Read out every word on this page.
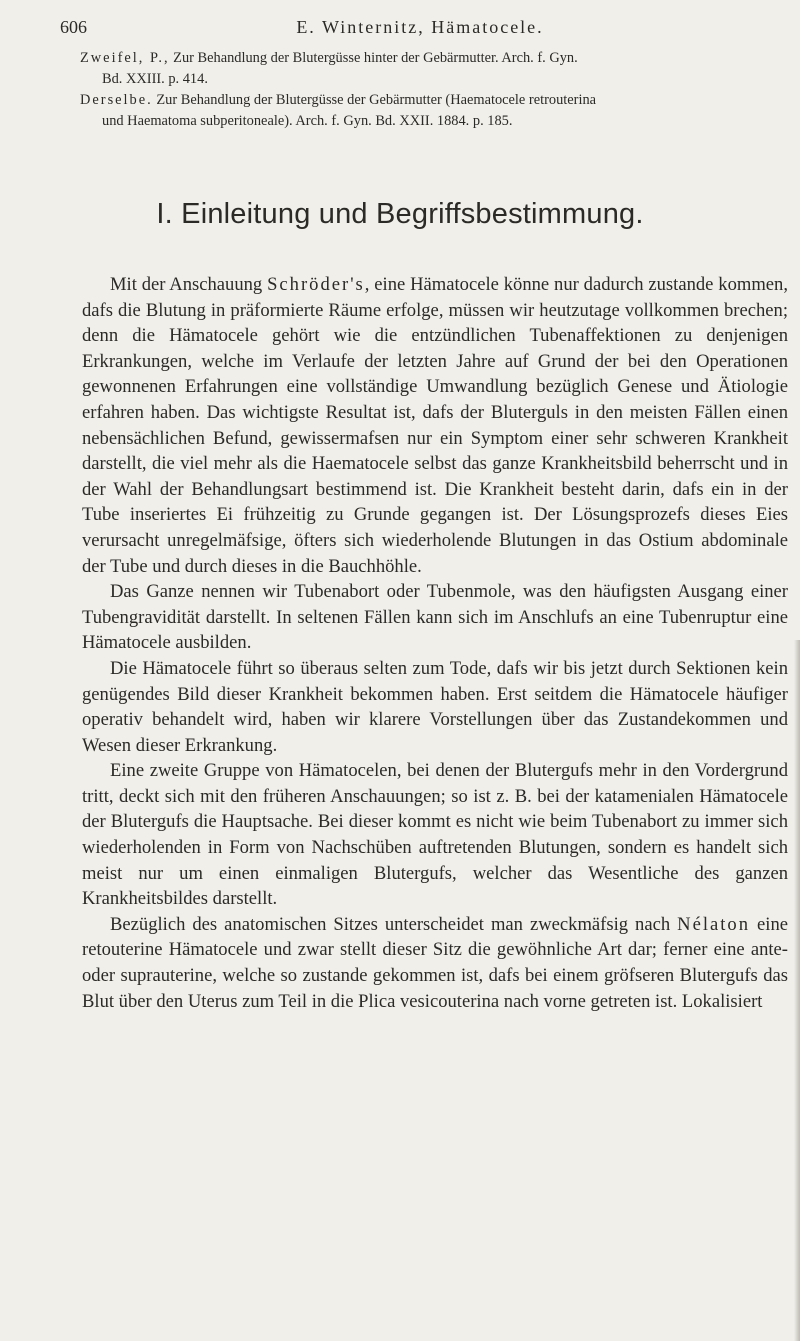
606	E. Winternitz, Hämatocele.

Zweifel, P., Zur Behandlung der Blutergüsse hinter der Gebärmutter. Arch. f. Gyn.

Bd. XXIII. p. 414.

Derselbe. Zur Behandlung der Blutergüsse der Gebärmutter (Haematocele retrouterina

und Haematoma subperitoneale). Arch. f. Gyn. Bd. XXII. 1884. p. 185.

I. Einleitung und Begriffsbestimmung.

Mit der Anschauung Schröder's, eine Hämatocele könne nur dadurch zustande kommen, dafs die Blutung in präformierte Räume erfolge, müssen wir heutzutage vollkommen brechen; denn die Hämatocele gehört wie die entzündlichen Tubenaffektionen zu denjenigen Erkrankungen, welche im Verlaufe der letzten Jahre auf Grund der bei den Operationen gewonnenen Erfahrungen eine vollständige Umwandlung bezüglich Genese und Ätiologie erfahren haben. Das wichtigste Resultat ist, dafs der Bluterguls in den meisten Fällen einen nebensächlichen Befund, gewissermafsen nur ein Symptom einer sehr schweren Krankheit darstellt, die viel mehr als die Haematocele selbst das ganze Krankheitsbild beherrscht und in der Wahl der Behandlungsart bestimmend ist. Die Krankheit besteht darin, dafs ein in der Tube inseriertes Ei frühzeitig zu Grunde gegangen ist. Der Lösungsprozefs dieses Eies verursacht unregelmäfsige, öfters sich wiederholende Blutungen in das Ostium abdominale der Tube und durch dieses in die Bauchhöhle.

Das Ganze nennen wir Tubenabort oder Tubenmole, was den häufigsten Ausgang einer Tubengravidität darstellt. In seltenen Fällen kann sich im Anschlufs an eine Tubenruptur eine Hämatocele ausbilden.

Die Hämatocele führt so überaus selten zum Tode, dafs wir bis jetzt durch Sektionen kein genügendes Bild dieser Krankheit bekommen haben. Erst seitdem die Hämatocele häufiger operativ behandelt wird, haben wir klarere Vorstellungen über das Zustandekommen und Wesen dieser Erkrankung.

Eine zweite Gruppe von Hämatocelen, bei denen der Blutergufs mehr in den Vordergrund tritt, deckt sich mit den früheren Anschauungen; so ist z. B. bei der katamenialen Hämatocele der Blutergufs die Hauptsache. Bei dieser kommt es nicht wie beim Tubenabort zu immer sich wiederholenden in Form von Nachschüben auftretenden Blutungen, sondern es handelt sich meist nur um einen einmaligen Blutergufs, welcher das Wesentliche des ganzen Krankheitsbildes darstellt.

Bezüglich des anatomischen Sitzes unterscheidet man zweckmäfsig nach Nélaton eine retouterine Hämatocele und zwar stellt dieser Sitz die gewöhnliche Art dar; ferner eine ante- oder suprauterine, welche so zustande gekommen ist, dafs bei einem gröfseren Blutergufs das Blut über den Uterus zum Teil in die Plica vesicouterina nach vorne getreten ist. Lokalisiert
